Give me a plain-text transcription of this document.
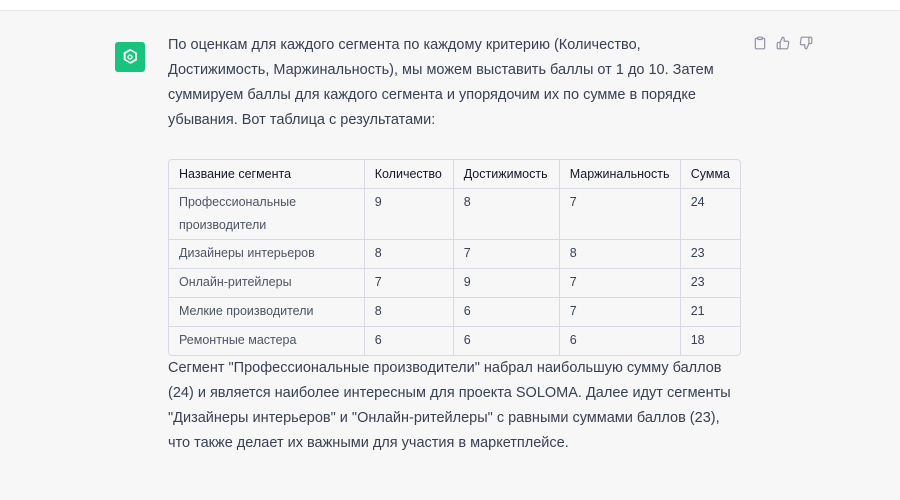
По оценкам для каждого сегмента по каждому критерию (Количество, Достижимость, Маржинальность), мы можем выставить баллы от 1 до 10. Затем суммируем баллы для каждого сегмента и упорядочим их по сумме в порядке убывания. Вот таблица с результатами:

Название сегмента	Количество	Достижимость	Маржинальность	Сумма
Профессиональные производители	9	8	7	24
Дизайнеры интерьеров	8	7	8	23
Онлайн-ритейлеры	7	9	7	23
Мелкие производители	8	6	7	21
Ремонтные мастера	6	6	6	18

Сегмент "Профессиональные производители" набрал наибольшую сумму баллов (24) и является наиболее интересным для проекта SOLOMA. Далее идут сегменты "Дизайнеры интерьеров" и "Онлайн-ритейлеры" с равными суммами баллов (23), что также делает их важными для участия в маркетплейсе.
